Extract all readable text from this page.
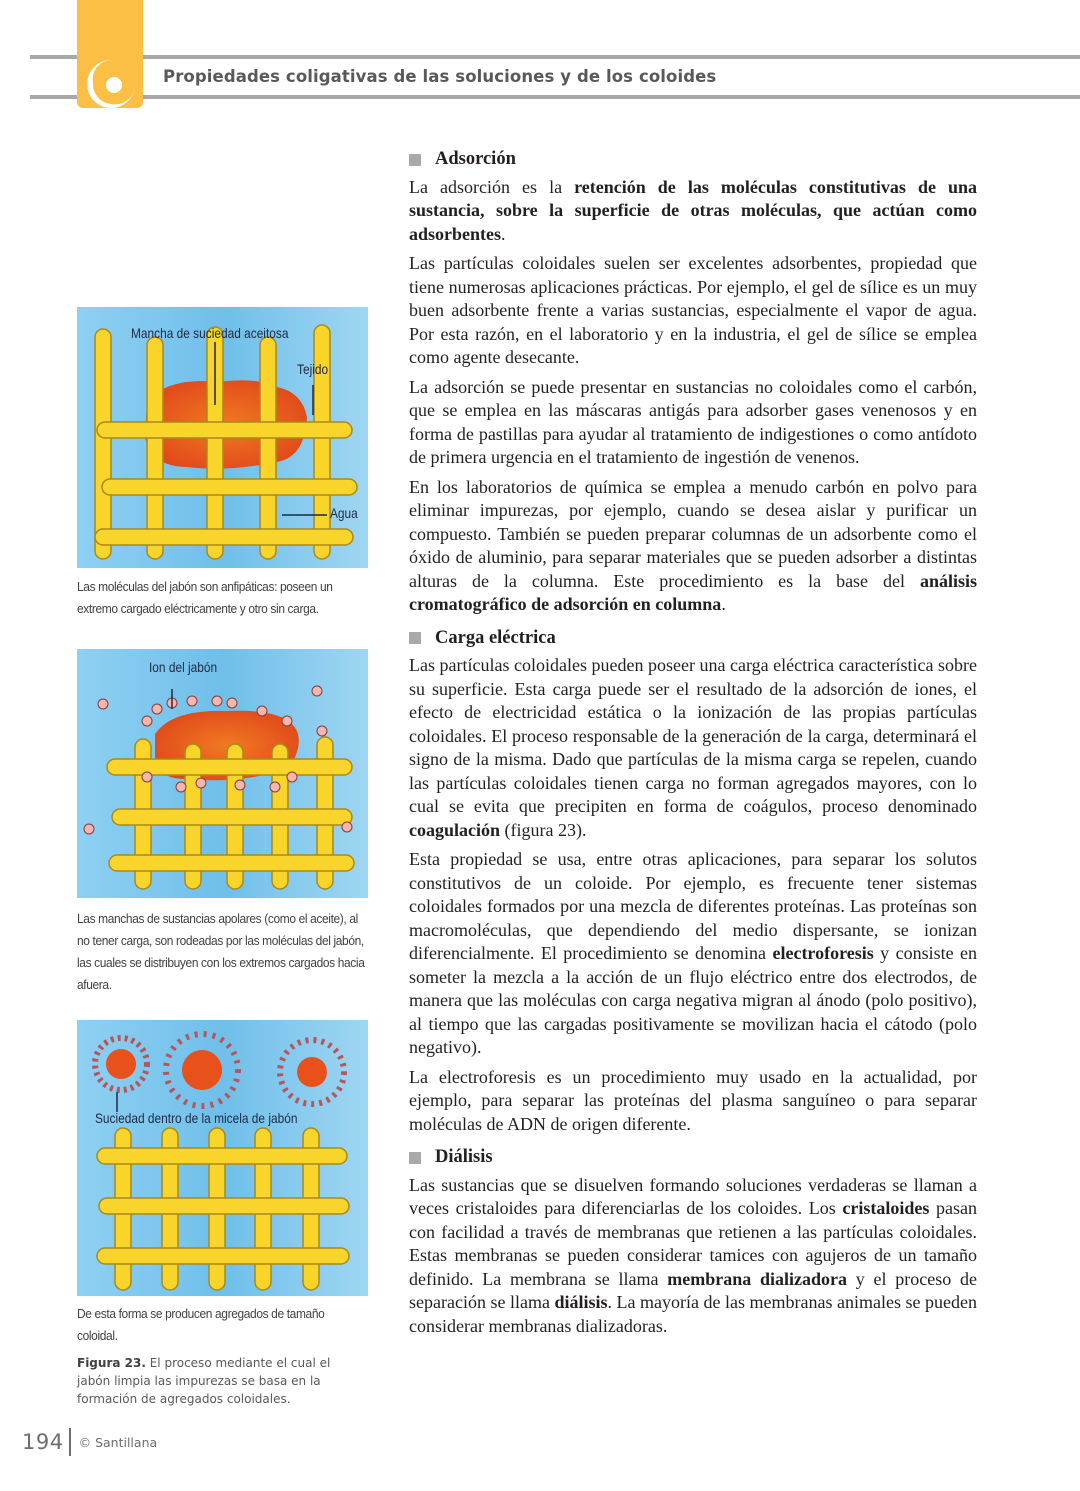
Propiedades coligativas de las soluciones y de los coloides
Mancha de suciedad aceitosa
Tejido
Agua
Las moléculas del jabón son anfipáticas: poseen un extremo cargado eléctricamente y otro sin carga.
Ion del jabón
Las manchas de sustancias apolares (como el aceite), al no tener carga, son rodeadas por las moléculas del jabón, las cuales se distribuyen con los extremos cargados hacia afuera.
Suciedad dentro de la micela de jabón
De esta forma se producen agregados de tamaño coloidal.
Figura 23. El proceso mediante el cual el jabón limpia las impurezas se basa en la formación de agregados coloidales.
194 © Santillana
Adsorción

La adsorción es la retención de las moléculas constitutivas de una sustancia, sobre la superficie de otras moléculas, que actúan como adsorbentes.

Las partículas coloidales suelen ser excelentes adsorbentes, propiedad que tiene numerosas aplicaciones prácticas. Por ejemplo, el gel de sílice es un muy buen adsorbente frente a varias sustancias, especialmente el vapor de agua. Por esta razón, en el laboratorio y en la industria, el gel de sílice se emplea como agente desecante.

La adsorción se puede presentar en sustancias no coloidales como el carbón, que se emplea en las máscaras antigás para adsorber gases venenosos y en forma de pastillas para ayudar al tratamiento de indigestiones o como antídoto de primera urgencia en el tratamiento de ingestión de venenos.

En los laboratorios de química se emplea a menudo carbón en polvo para eliminar impurezas, por ejemplo, cuando se desea aislar y purificar un compuesto. También se pueden preparar columnas de un adsorbente como el óxido de aluminio, para separar materiales que se pueden adsorber a distintas alturas de la columna. Este procedimiento es la base del análisis cromatográfico de adsorción en columna.

Carga eléctrica

Las partículas coloidales pueden poseer una carga eléctrica característica sobre su superficie. Esta carga puede ser el resultado de la adsorción de iones, el efecto de electricidad estática o la ionización de las propias partículas coloidales. El proceso responsable de la generación de la carga, determinará el signo de la misma. Dado que partículas de la misma carga se repelen, cuando las partículas coloidales tienen carga no forman agregados mayores, con lo cual se evita que precipiten en forma de coágulos, proceso denominado coagulación (figura 23).

Esta propiedad se usa, entre otras aplicaciones, para separar los solutos constitutivos de un coloide. Por ejemplo, es frecuente tener sistemas coloidales formados por una mezcla de diferentes proteínas. Las proteínas son macromoléculas, que dependiendo del medio dispersante, se ionizan diferencialmente. El procedimiento se denomina electroforesis y consiste en someter la mezcla a la acción de un flujo eléctrico entre dos electrodos, de manera que las moléculas con carga negativa migran al ánodo (polo positivo), al tiempo que las cargadas positivamente se movilizan hacia el cátodo (polo negativo).

La electroforesis es un procedimiento muy usado en la actualidad, por ejemplo, para separar las proteínas del plasma sanguíneo o para separar moléculas de ADN de origen diferente.

Diálisis

Las sustancias que se disuelven formando soluciones verdaderas se llaman a veces cristaloides para diferenciarlas de los coloides. Los cristaloides pasan con facilidad a través de membranas que retienen a las partículas coloidales. Estas membranas se pueden considerar tamices con agujeros de un tamaño definido. La membrana se llama membrana dializadora y el proceso de separación se llama diálisis. La mayoría de las membranas animales se pueden considerar membranas dializadoras.
